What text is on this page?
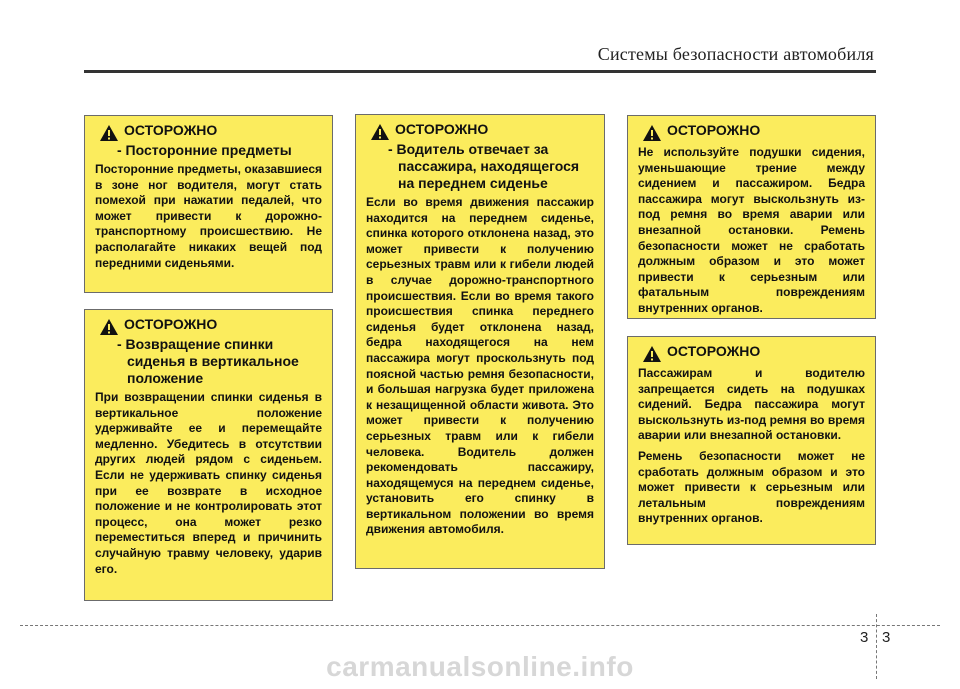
Системы безопасности автомобиля
ОСТОРОЖНО
- Посторонние предметы

Посторонние предметы, оказавшиеся в зоне ног водителя, могут стать помехой при нажатии педалей, что может привести к дорожно-транспортному происшествию. Не располагайте никаких вещей под передними сиденьями.

ОСТОРОЖНО
- Возвращение спинки сиденья в вертикальное положение

При возвращении спинки сиденья в вертикальное положение удерживайте ее и перемещайте медленно. Убедитесь в отсутствии других людей рядом с сиденьем. Если не удерживать спинку сиденья при ее возврате в исходное положение и не контролировать этот процесс, она может резко переместиться вперед и причинить случайную травму человеку, ударив его.

ОСТОРОЖНО
- Водитель отвечает за пассажира, находящегося на переднем сиденье

Если во время движения пассажир находится на переднем сиденье, спинка которого отклонена назад, это может привести к получению серьезных травм или к гибели людей в случае дорожно-транспортного происшествия. Если во время такого происшествия спинка переднего сиденья будет отклонена назад, бедра находящегося на нем пассажира могут проскользнуть под поясной частью ремня безопасности, и большая нагрузка будет приложена к незащищенной области живота. Это может привести к получению серьезных травм или к гибели человека. Водитель должен рекомендовать пассажиру, находящемуся на переднем сиденье, установить его спинку в вертикальном положении во время движения автомобиля.

ОСТОРОЖНО

Не используйте подушки сидения, уменьшающие трение между сидением и пассажиром. Бедра пассажира могут выскользнуть из-под ремня во время аварии или внезапной остановки. Ремень безопасности может не сработать должным образом и это может привести к серьезным или фатальным повреждениям внутренних органов.

ОСТОРОЖНО

Пассажирам и водителю запрещается сидеть на подушках сидений. Бедра пассажира могут выскользнуть из-под ремня во время аварии или внезапной остановки.

Ремень безопасности может не сработать должным образом и это может привести к серьезным или летальным повреждениям внутренних органов.

3 3
carmanualsonline.info
